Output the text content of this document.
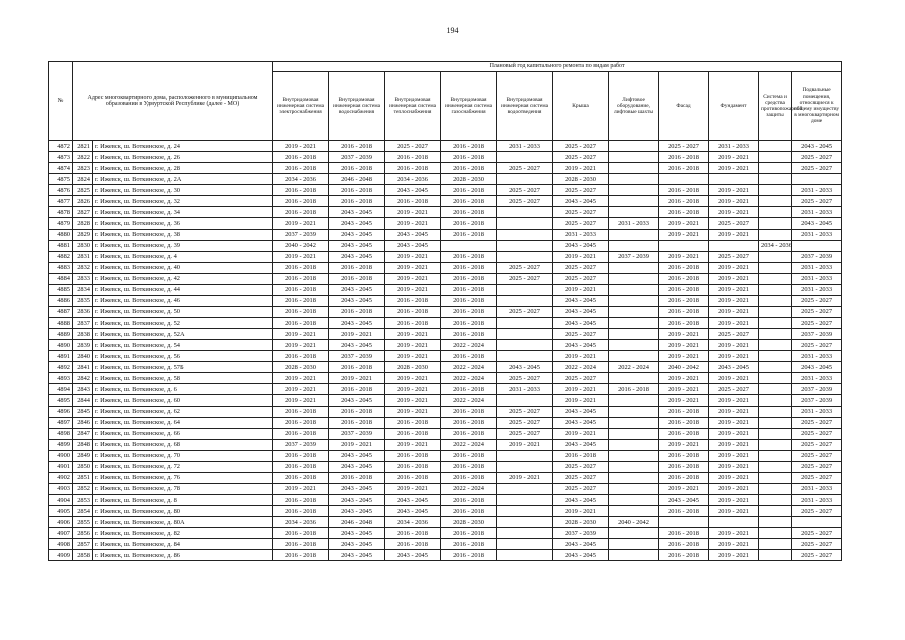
194
№	Адрес многоквартирного дома, расположенного в муниципальном образовании в Удмуртской Республике (далее - МО)		Плановый год капитального ремонта по видам работ										
			Внутридомовая инженерная система электроснабжения	Внутридомовая инженерная система водоснабжения	Внутридомовая инженерная система теплоснабжения	Внутридомовая инженерная система газоснабжения	Внутридомовая инженерная система водоотведения	Крыша	Лифтовое оборудование, лифтовые шахты	Фасад	Фундамент	Система и средства противопожарной защиты	Подвальные помещения, относящиеся к общему имуществу в многоквартирном доме
4872	2821	г. Ижевск, ш. Воткинское, д. 24	2019 - 2021	2016 - 2018	2025 - 2027	2016 - 2018	2031 - 2033	2025 - 2027		2025 - 2027	2031 - 2033		2043 - 2045
4873	2822	г. Ижевск, ш. Воткинское, д. 26	2016 - 2018	2037 - 2039	2016 - 2018	2016 - 2018		2025 - 2027		2016 - 2018	2019 - 2021		2025 - 2027
4874	2823	г. Ижевск, ш. Воткинское, д. 28	2016 - 2018	2016 - 2018	2016 - 2018	2016 - 2018	2025 - 2027	2019 - 2021		2016 - 2018	2019 - 2021		2025 - 2027
4875	2824	г. Ижевск, ш. Воткинское, д. 2А	2034 - 2036	2046 - 2048	2034 - 2036	2028 - 2030		2028 - 2030					
4876	2825	г. Ижевск, ш. Воткинское, д. 30	2016 - 2018	2016 - 2018	2043 - 2045	2016 - 2018	2025 - 2027	2025 - 2027		2016 - 2018	2019 - 2021		2031 - 2033
4877	2826	г. Ижевск, ш. Воткинское, д. 32	2016 - 2018	2016 - 2018	2016 - 2018	2016 - 2018	2025 - 2027	2043 - 2045		2016 - 2018	2019 - 2021		2025 - 2027
4878	2827	г. Ижевск, ш. Воткинское, д. 34	2016 - 2018	2043 - 2045	2019 - 2021	2016 - 2018		2025 - 2027		2016 - 2018	2019 - 2021		2031 - 2033
4879	2828	г. Ижевск, ш. Воткинское, д. 36	2019 - 2021	2043 - 2045	2019 - 2021	2016 - 2018		2025 - 2027	2031 - 2033	2019 - 2021	2025 - 2027		2043 - 2045
4880	2829	г. Ижевск, ш. Воткинское, д. 38	2037 - 2039	2043 - 2045	2043 - 2045	2016 - 2018		2031 - 2033		2019 - 2021	2019 - 2021		2031 - 2033
4881	2830	г. Ижевск, ш. Воткинское, д. 39	2040 - 2042	2043 - 2045	2043 - 2045			2043 - 2045				2034 - 2036	
4882	2831	г. Ижевск, ш. Воткинское, д. 4	2019 - 2021	2043 - 2045	2019 - 2021	2016 - 2018		2019 - 2021	2037 - 2039	2019 - 2021	2025 - 2027		2037 - 2039
4883	2832	г. Ижевск, ш. Воткинское, д. 40	2016 - 2018	2016 - 2018	2019 - 2021	2016 - 2018	2025 - 2027	2025 - 2027		2016 - 2018	2019 - 2021		2031 - 2033
4884	2833	г. Ижевск, ш. Воткинское, д. 42	2016 - 2018	2016 - 2018	2019 - 2021	2016 - 2018	2025 - 2027	2025 - 2027		2016 - 2018	2019 - 2021		2031 - 2033
4885	2834	г. Ижевск, ш. Воткинское, д. 44	2016 - 2018	2043 - 2045	2019 - 2021	2016 - 2018		2019 - 2021		2016 - 2018	2019 - 2021		2031 - 2033
4886	2835	г. Ижевск, ш. Воткинское, д. 46	2016 - 2018	2043 - 2045	2016 - 2018	2016 - 2018		2043 - 2045		2016 - 2018	2019 - 2021		2025 - 2027
4887	2836	г. Ижевск, ш. Воткинское, д. 50	2016 - 2018	2016 - 2018	2016 - 2018	2016 - 2018	2025 - 2027	2043 - 2045		2016 - 2018	2019 - 2021		2025 - 2027
4888	2837	г. Ижевск, ш. Воткинское, д. 52	2016 - 2018	2043 - 2045	2016 - 2018	2016 - 2018		2043 - 2045		2016 - 2018	2019 - 2021		2025 - 2027
4889	2838	г. Ижевск, ш. Воткинское, д. 52А	2019 - 2021	2019 - 2021	2019 - 2021	2016 - 2018		2025 - 2027		2019 - 2021	2025 - 2027		2037 - 2039
4890	2839	г. Ижевск, ш. Воткинское, д. 54	2019 - 2021	2043 - 2045	2019 - 2021	2022 - 2024		2043 - 2045		2019 - 2021	2019 - 2021		2025 - 2027
4891	2840	г. Ижевск, ш. Воткинское, д. 56	2016 - 2018	2037 - 2039	2019 - 2021	2016 - 2018		2019 - 2021		2019 - 2021	2019 - 2021		2031 - 2033
4892	2841	г. Ижевск, ш. Воткинское, д. 57Б	2028 - 2030	2016 - 2018	2028 - 2030	2022 - 2024	2043 - 2045	2022 - 2024	2022 - 2024	2040 - 2042	2043 - 2045		2043 - 2045
4893	2842	г. Ижевск, ш. Воткинское, д. 58	2019 - 2021	2019 - 2021	2019 - 2021	2022 - 2024	2025 - 2027	2025 - 2027		2019 - 2021	2019 - 2021		2031 - 2033
4894	2843	г. Ижевск, ш. Воткинское, д. 6	2019 - 2021	2016 - 2018	2019 - 2021	2016 - 2018	2031 - 2033	2019 - 2021	2016 - 2018	2019 - 2021	2025 - 2027		2037 - 2039
4895	2844	г. Ижевск, ш. Воткинское, д. 60	2019 - 2021	2043 - 2045	2019 - 2021	2022 - 2024		2019 - 2021		2019 - 2021	2019 - 2021		2037 - 2039
4896	2845	г. Ижевск, ш. Воткинское, д. 62	2016 - 2018	2016 - 2018	2019 - 2021	2016 - 2018	2025 - 2027	2043 - 2045		2016 - 2018	2019 - 2021		2031 - 2033
4897	2846	г. Ижевск, ш. Воткинское, д. 64	2016 - 2018	2016 - 2018	2016 - 2018	2016 - 2018	2025 - 2027	2043 - 2045		2016 - 2018	2019 - 2021		2025 - 2027
4898	2847	г. Ижевск, ш. Воткинское, д. 66	2016 - 2018	2037 - 2039	2016 - 2018	2016 - 2018	2025 - 2027	2019 - 2021		2016 - 2018	2019 - 2021		2025 - 2027
4899	2848	г. Ижевск, ш. Воткинское, д. 68	2037 - 2039	2019 - 2021	2019 - 2021	2022 - 2024	2019 - 2021	2043 - 2045		2019 - 2021	2019 - 2021		2025 - 2027
4900	2849	г. Ижевск, ш. Воткинское, д. 70	2016 - 2018	2043 - 2045	2016 - 2018	2016 - 2018		2016 - 2018		2016 - 2018	2019 - 2021		2025 - 2027
4901	2850	г. Ижевск, ш. Воткинское, д. 72	2016 - 2018	2043 - 2045	2016 - 2018	2016 - 2018		2025 - 2027		2016 - 2018	2019 - 2021		2025 - 2027
4902	2851	г. Ижевск, ш. Воткинское, д. 76	2016 - 2018	2016 - 2018	2016 - 2018	2016 - 2018	2019 - 2021	2025 - 2027		2016 - 2018	2019 - 2021		2025 - 2027
4903	2852	г. Ижевск, ш. Воткинское, д. 78	2019 - 2021	2043 - 2045	2019 - 2021	2022 - 2024		2025 - 2027		2019 - 2021	2019 - 2021		2031 - 2033
4904	2853	г. Ижевск, ш. Воткинское, д. 8	2016 - 2018	2043 - 2045	2043 - 2045	2016 - 2018		2043 - 2045		2043 - 2045	2019 - 2021		2031 - 2033
4905	2854	г. Ижевск, ш. Воткинское, д. 80	2016 - 2018	2043 - 2045	2043 - 2045	2016 - 2018		2019 - 2021		2016 - 2018	2019 - 2021		2025 - 2027
4906	2855	г. Ижевск, ш. Воткинское, д. 80А	2034 - 2036	2046 - 2048	2034 - 2036	2028 - 2030		2028 - 2030	2040 - 2042				
4907	2856	г. Ижевск, ш. Воткинское, д. 82	2016 - 2018	2043 - 2045	2016 - 2018	2016 - 2018		2037 - 2039		2016 - 2018	2019 - 2021		2025 - 2027
4908	2857	г. Ижевск, ш. Воткинское, д. 84	2016 - 2018	2043 - 2045	2016 - 2018	2016 - 2018		2043 - 2045		2016 - 2018	2019 - 2021		2025 - 2027
4909	2858	г. Ижевск, ш. Воткинское, д. 86	2016 - 2018	2043 - 2045	2043 - 2045	2016 - 2018		2043 - 2045		2016 - 2018	2019 - 2021		2025 - 2027
